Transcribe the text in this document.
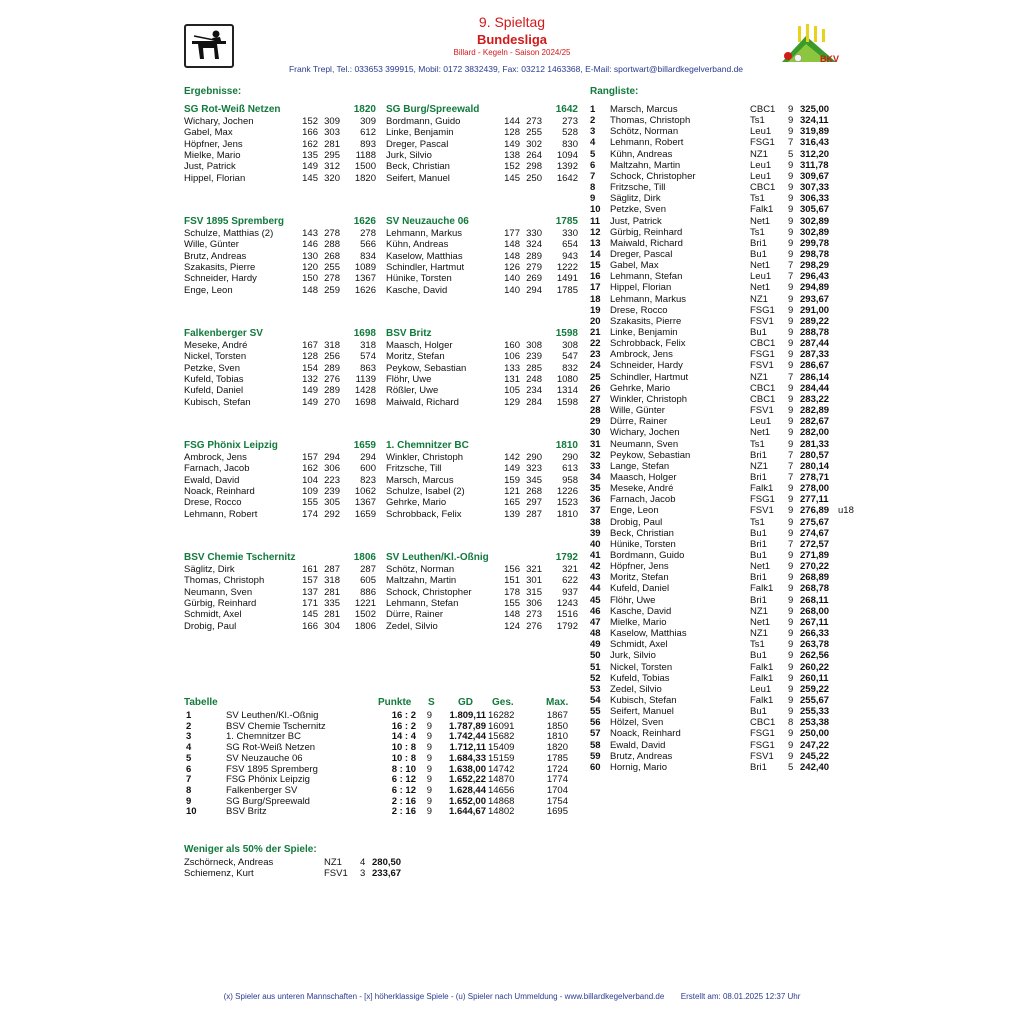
9. Spieltag
Bundesliga
Billard - Kegeln - Saison 2024/25
Frank Trepl, Tel.: 033653 399915, Mobil: 0172 3832439, Fax: 03212 1463368, E-Mail: sportwart@billardkegelverband.de
BKV
Ergebnisse:
SG Rot-Weiß Netzen	1820
Wichary, Jochen	152 309	309
Gabel, Max	166 303	612
Höpfner, Jens	162 281	893
Mielke, Mario	135 295	1188
Just, Patrick	149 312	1500
Hippel, Florian	145 320	1820
SG Burg/Spreewald	1642
Bordmann, Guido	144 273	273
Linke, Benjamin	128 255	528
Dreger, Pascal	149 302	830
Jurk, Silvio	138 264	1094
Beck, Christian	152 298	1392
Seifert, Manuel	145 250	1642
FSV 1895 Spremberg	1626
Schulze, Matthias (2)	143 278	278
Wille, Günter	146 288	566
Brutz, Andreas	130 268	834
Szakasits, Pierre	120 255	1089
Schneider, Hardy	150 278	1367
Enge, Leon	148 259	1626
SV Neuzauche 06	1785
Lehmann, Markus	177 330	330
Kühn, Andreas	148 324	654
Kaselow, Matthias	148 289	943
Schindler, Hartmut	126 279	1222
Hünike, Torsten	140 269	1491
Kasche, David	140 294	1785
Falkenberger SV	1698
Meseke, André	167 318	318
Nickel, Torsten	128 256	574
Petzke, Sven	154 289	863
Kufeld, Tobias	132 276	1139
Kufeld, Daniel	149 289	1428
Kubisch, Stefan	149 270	1698
BSV Britz	1598
Maasch, Holger	160 308	308
Moritz, Stefan	106 239	547
Peykow, Sebastian	133 285	832
Flöhr, Uwe	131 248	1080
Rößler, Uwe	105 234	1314
Maiwald, Richard	129 284	1598
FSG Phönix Leipzig	1659
Ambrock, Jens	157 294	294
Farnach, Jacob	162 306	600
Ewald, David	104 223	823
Noack, Reinhard	109 239	1062
Drese, Rocco	155 305	1367
Lehmann, Robert	174 292	1659
1. Chemnitzer BC	1810
Winkler, Christoph	142 290	290
Fritzsche, Till	149 323	613
Marsch, Marcus	159 345	958
Schulze, Isabel (2)	121 268	1226
Gehrke, Mario	165 297	1523
Schrobback, Felix	139 287	1810
BSV Chemie Tschernitz	1806
Säglitz, Dirk	161 287	287
Thomas, Christoph	157 318	605
Neumann, Sven	137 281	886
Gürbig, Reinhard	171 335	1221
Schmidt, Axel	145 281	1502
Drobig, Paul	166 304	1806
SV Leuthen/Kl.-Oßnig	1792
Schötz, Norman	156 321	321
Maltzahn, Martin	151 301	622
Schock, Christopher	178 315	937
Lehmann, Stefan	155 306	1243
Dürre, Rainer	148 273	1516
Zedel, Silvio	124 276	1792
Tabelle	Punkte S GD Ges.	Max.
1	SV Leuthen/Kl.-Oßnig	16 : 2	9	1.809,11 16282	1867
2	BSV Chemie Tschernitz	16 : 2	9	1.787,89 16091	1850
3	1. Chemnitzer BC	14 : 4	9	1.742,44 15682	1810
4	SG Rot-Weiß Netzen	10 : 8	9	1.712,11 15409	1820
5	SV Neuzauche 06	10 : 8	9	1.684,33 15159	1785
6	FSV 1895 Spremberg	8 : 10	9	1.638,00 14742	1724
7	FSG Phönix Leipzig	6 : 12	9	1.652,22 14870	1774
8	Falkenberger SV	6 : 12	9	1.628,44 14656	1704
9	SG Burg/Spreewald	2 : 16	9	1.652,00 14868	1754
10	BSV Britz	2 : 16	9	1.644,67 14802	1695
Weniger als 50% der Spiele:
Zschörneck, Andreas	NZ1 4 280,50
Schiemenz, Kurt	FSV1 3 233,67
Rangliste:
1 Marsch, Marcus	CBC1 9 325,00
2 Thomas, Christoph	Ts1 9 324,11
3 Schötz, Norman	Leu1 9 319,89
4 Lehmann, Robert	FSG1 7 316,43
5 Kühn, Andreas	NZ1 5 312,20
6 Maltzahn, Martin	Leu1 9 311,78
7 Schock, Christopher	Leu1 9 309,67
8 Fritzsche, Till	CBC1 9 307,33
9 Säglitz, Dirk	Ts1 9 306,33
10 Petzke, Sven	Falk1 9 305,67
11 Just, Patrick	Net1 9 302,89
12 Gürbig, Reinhard	Ts1 9 302,89
13 Maiwald, Richard	Bri1 9 299,78
14 Dreger, Pascal	Bu1 9 298,78
15 Gabel, Max	Net1 7 298,29
16 Lehmann, Stefan	Leu1 7 296,43
17 Hippel, Florian	Net1 9 294,89
18 Lehmann, Markus	NZ1 9 293,67
19 Drese, Rocco	FSG1 9 291,00
20 Szakasits, Pierre	FSV1 9 289,22
21 Linke, Benjamin	Bu1 9 288,78
22 Schrobback, Felix	CBC1 9 287,44
23 Ambrock, Jens	FSG1 9 287,33
24 Schneider, Hardy	FSV1 9 286,67
25 Schindler, Hartmut	NZ1 7 286,14
26 Gehrke, Mario	CBC1 9 284,44
27 Winkler, Christoph	CBC1 9 283,22
28 Wille, Günter	FSV1 9 282,89
29 Dürre, Rainer	Leu1 9 282,67
30 Wichary, Jochen	Net1 9 282,00
31 Neumann, Sven	Ts1 9 281,33
32 Peykow, Sebastian	Bri1 7 280,57
33 Lange, Stefan	NZ1 7 280,14
34 Maasch, Holger	Bri1 7 278,71
35 Meseke, André	Falk1 9 278,00
36 Farnach, Jacob	FSG1 9 277,11
37 Enge, Leon	FSV1 9 276,89 u18
38 Drobig, Paul	Ts1 9 275,67
39 Beck, Christian	Bu1 9 274,67
40 Hünike, Torsten	Bri1 7 272,57
41 Bordmann, Guido	Bu1 9 271,89
42 Höpfner, Jens	Net1 9 270,22
43 Moritz, Stefan	Bri1 9 268,89
44 Kufeld, Daniel	Falk1 9 268,78
45 Flöhr, Uwe	Bri1 9 268,11
46 Kasche, David	NZ1 9 268,00
47 Mielke, Mario	Net1 9 267,11
48 Kaselow, Matthias	NZ1 9 266,33
49 Schmidt, Axel	Ts1 9 263,78
50 Jurk, Silvio	Bu1 9 262,56
51 Nickel, Torsten	Falk1 9 260,22
52 Kufeld, Tobias	Falk1 9 260,11
53 Zedel, Silvio	Leu1 9 259,22
54 Kubisch, Stefan	Falk1 9 255,67
55 Seifert, Manuel	Bu1 9 255,33
56 Hölzel, Sven	CBC1 8 253,38
57 Noack, Reinhard	FSG1 9 250,00
58 Ewald, David	FSG1 9 247,22
59 Brutz, Andreas	FSV1 9 245,22
60 Hornig, Mario	Bri1 5 242,40
(x) Spieler aus unteren Mannschaften - [x] höherklassige Spiele - (u) Spieler nach Ummeldung - www.billardkegelverband.de Erstellt am: 08.01.2025 12:37 Uhr
